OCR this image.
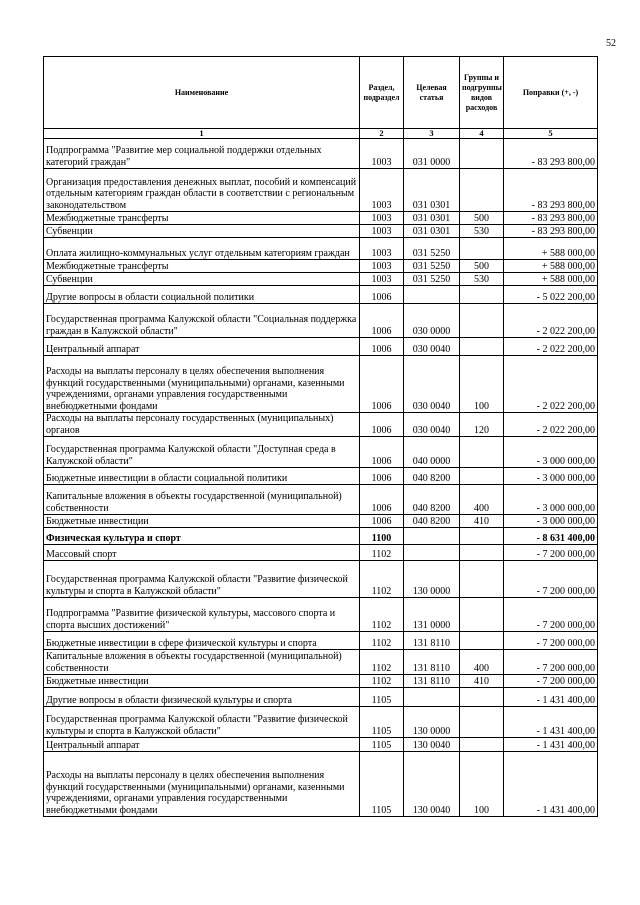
52
Наименование	Раздел, подраздел	Целевая статья	Группы и подгруппы видов расходов	Поправки (+, -)
1	2	3	4	5
Подпрограмма "Развитие мер социальной поддержки отдельных категорий граждан"	1003	031 0000		- 83 293 800,00
Организация предоставления денежных выплат, пособий и компенсаций отдельным категориям граждан области в соответствии с региональным законодательством	1003	031 0301		- 83 293 800,00
Межбюджетные трансферты	1003	031 0301	500	- 83 293 800,00
Субвенции	1003	031 0301	530	- 83 293 800,00
Оплата жилищно-коммунальных услуг отдельным категориям граждан	1003	031 5250		+ 588 000,00
Межбюджетные трансферты	1003	031 5250	500	+ 588 000,00
Субвенции	1003	031 5250	530	+ 588 000,00
Другие вопросы в области социальной политики	1006			- 5 022 200,00
Государственная программа Калужской области "Социальная поддержка граждан в Калужской области"	1006	030 0000		- 2 022 200,00
Центральный аппарат	1006	030 0040		- 2 022 200,00
Расходы на выплаты персоналу в целях обеспечения выполнения функций государственными (муниципальными) органами, казенными учреждениями, органами управления государственными внебюджетными фондами	1006	030 0040	100	- 2 022 200,00
Расходы на выплаты персоналу государственных (муниципальных) органов	1006	030 0040	120	- 2 022 200,00
Государственная программа Калужской области "Доступная среда в Калужской области"	1006	040 0000		- 3 000 000,00
Бюджетные инвестиции в области социальной политики	1006	040 8200		- 3 000 000,00
Капитальные вложения в объекты государственной (муниципальной) собственности	1006	040 8200	400	- 3 000 000,00
Бюджетные инвестиции	1006	040 8200	410	- 3 000 000,00
Физическая культура и спорт	1100			- 8 631 400,00
Массовый спорт	1102			- 7 200 000,00
Государственная программа Калужской области "Развитие физической культуры и спорта в Калужской области"	1102	130 0000		- 7 200 000,00
Подпрограмма "Развитие физической культуры, массового спорта и спорта высших достижений"	1102	131 0000		- 7 200 000,00
Бюджетные инвестиции в сфере физической культуры и спорта	1102	131 8110		- 7 200 000,00
Капитальные вложения в объекты государственной (муниципальной) собственности	1102	131 8110	400	- 7 200 000,00
Бюджетные инвестиции	1102	131 8110	410	- 7 200 000,00
Другие вопросы в области физической культуры и спорта	1105			- 1 431 400,00
Государственная программа Калужской области "Развитие физической культуры и спорта в Калужской области"	1105	130 0000		- 1 431 400,00
Центральный аппарат	1105	130 0040		- 1 431 400,00
Расходы на выплаты персоналу в целях обеспечения выполнения функций государственными (муниципальными) органами, казенными учреждениями, органами управления государственными внебюджетными фондами	1105	130 0040	100	- 1 431 400,00
